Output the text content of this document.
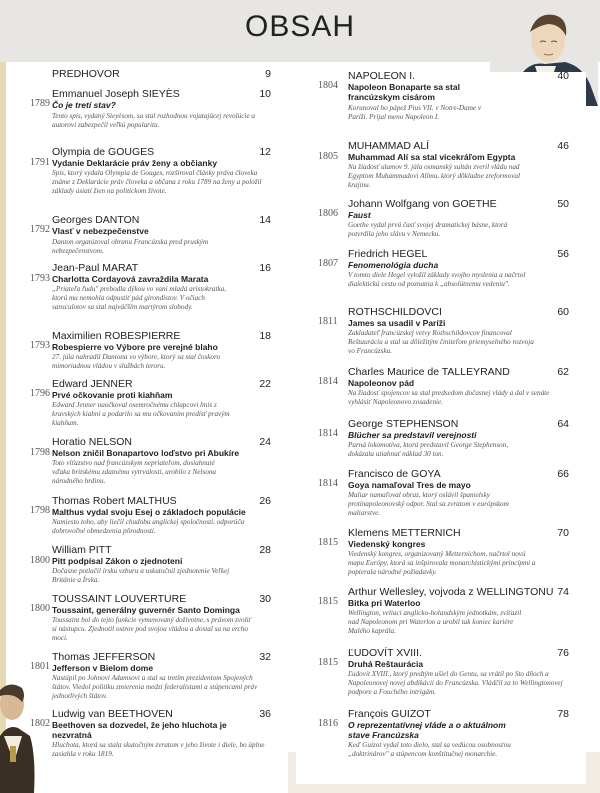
OBSAH
PREDHOVOR	9
1789
Emmanuel Joseph SIEYÈS	10
Čo je tretí stav?
Tento spis, vydaný Sieyèsom, sa stal rozhodnou vojatajúcej revolúcie a autorovi zabezpečil veľkú popularitu.
1791
Olympia de GOUGES	12
Vydanie Deklarácie práv ženy a občianky
Spis, ktorý vydala Olympia de Gouges, rozširoval články práva človeka známe z Deklarácie práv človeka a občana z roku 1789 na ženy a položil základy úsiatí žien na politickom živote.
1792
Georges DANTON	14
Vlasť v nebezpečenstve
Danton organizoval obranu Francúzska pred pruským nebezpečenstvom.
1793
Jean-Paul MARAT	16
Charlotta Cordayová zavraždila Marata
„Priateľa ľudu" prebodla dýkou vo vani mladá aristokratka, ktorú mu nemohla odpustiť pád girondistov. V očiach sansculotov sa stal najväčším martýrom slobody.
1793
Maximilien ROBESPIERRE	18
Robespierre vo Výbore pre verejné blaho
27. júla nahradil Dantona vo výbore, ktorý sa stal čoskoro mimoriadnou vládou v službách teroru.
1796
Edward JENNER	22
Prvé očkovanie proti kiahňam
Edward Jenner naočkoval osemročnému chlapcovi hnis z kravských kiahní a podarilo sa mu očkovaním predísť pravým kiahňam.
1798
Horatio NELSON	24
Nelson zničil Bonapartovo loďstvo pri Abukíre
Toto víťazstvo nad francúzskym nepriateľom, dosiahnuté vďaka britskému zdatnému vytrvalosti, urobilo z Nelsona národného hrdinu.
1798
Thomas Robert MALTHUS	26
Malthus vydal svoju Esej o základoch populácie
Namiesto toho, aby liečil chudobu anglickej spoločnosti, odporúča dobrovoľné obmedzenia pôrodnosti.
1800
William PITT	28
Pitt podpísal Zákon o zjednotení
Dočasne potlačil írsku vzburu a uskutočnil zjednotenie Veľkej Británie a Írska.
1800
TOUSSAINT LOUVERTURE	30
Toussaint, generálny guvernér Santo Dominga
Toussaint bol do tejto funkcie vymenovaný doživotne, s právom zvoliť si nástupcu. Zjednotil ostrov pod svojou vládou a dostal sa na ercho moci.
1801
Thomas JEFFERSON	32
Jefferson v Bielom dome
Nastúpil po Johnovi Adamsovi a stal sa tretím prezidentom Spojených štátov. Viedol politiku zmierenia medzi federalistami a stúpencami práv jednotlivých štátov.
1802
Ludwig van BEETHOVEN	36
Beethoven sa dozvedel, že jeho hluchota je nezvratná
Hluchota, ktorá sa stala skutočným zvratom v jeho živote i diele, bo úplne zasiahla v roku 1819.
1804
NAPOLEON I.	40
Napoleon Bonaparte sa stal francúzskym cisárom
Korunoval ho pápež Pius VII. v Notre-Dame v Paríži. Prijal meno Napoleon I.
1805
MUHAMMAD ALÍ	46
Muhammad Alí sa stal vicekráľom Egypta
Na žiadosť ulamov 9. júla osmanský sultán zveril vládu nad Egyptom Muhammadovi Alímu, ktorý dôkladne zreformoval krajinu.
1806
Johann Wolfgang von GOETHE	50
Faust
Goethe vydal prvú časť svojej dramatickej básne, ktorá potvrdila jeho slávu v Nemecku.
1807
Friedrich HEGEL	56
Fenomenológia ducha
V tomto diele Hegel vyložil základy svojho myslenia a načrtol dialektickú cestu od poznania k „absolútnemu vedeniu".
1811
ROTHSCHILDOVCI	60
James sa usadil v Paríži
Zakladateľ francúzskej vetvy Rothschildovcov financoval Reštauráciu a stal sa dôležitým činiteľom priemyselného rozvoja vo Francúzsku.
1814
Charles Maurice de TALLEYRAND	62
Napoleonov pád
Na žiadosť spojencov sa stal predsedom dočasnej vlády a dal v senáte vyhlásiť Napoleonovo zosadenie.
1814
George STEPHENSON	64
Blücher sa predstavil verejnosti
Parná lokomotíva, ktorú predstavil George Stephenson, dokázala utiahnuť náklad 30 ton.
1814
Francisco de GOYA	66
Goya namaľoval Tres de mayo
Maliar namaľoval obraz, ktorý oslávil španielsky protinapoleonovský odpor. Stal sa zvratom v európskom maliarstve.
1815
Klemens METTERNICH	70
Viedenský kongres
Viedenský kongres, organizovaný Metternichom, načrtol novú mapu Európy, ktorá sa inšpirovala monarchistickými princípmi a popierala národné požiadavky.
1815
Arthur Wellesley, vojvoda z WELLINGTONU 74
Bitka pri Waterloo
Wellington, veliaci anglicko-holandským jednotkám, zvíťazil nad Napoleonom pri Waterloo a urobil tak koniec kariére Malého kaprála.
1815
ĽUDOVÍT XVIII.	76
Druhá Reštaurácia
Ľudovít XVIII., ktorý predtým ušiel do Gentu, sa vrátil po Sto dňoch a Napoleonovej novej abdikácii do Francúzska. Vládčil za to Wellingtonovej podpore a Fouchého intrigám.
1816
François GUIZOT	78
O reprezentatívnej vláde a o aktuálnom stave Francúzska
Keď Guizot vydal toto dielo, stal sa vedúcou osobnosťou „doktrinárov" a stúpencom konštitučnej monarchie.
